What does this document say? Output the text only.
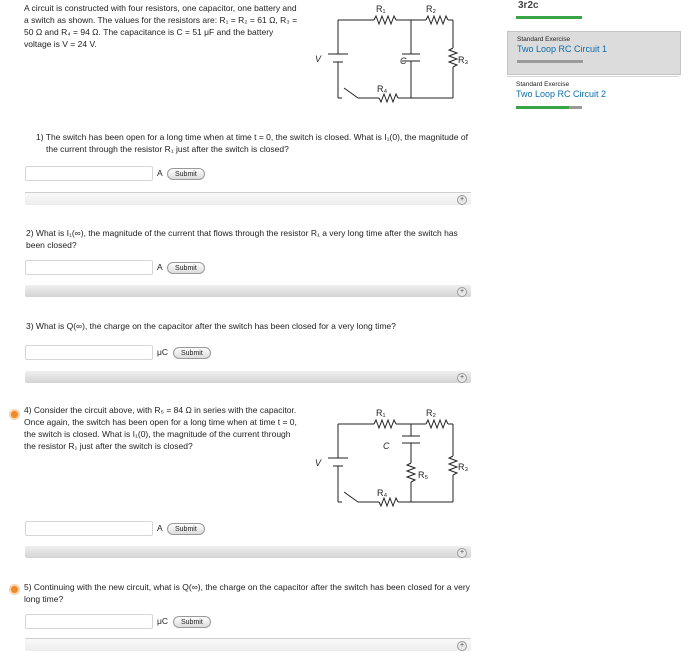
A circuit is constructed with four resistors, one capacitor, one battery and a switch as shown. The values for the resistors are: R₁ = R₂ = 61 Ω, R₃ = 50 Ω and R₄ = 94 Ω. The capacitance is C = 51 μF and the battery voltage is V = 24 V.
R₁	R₂
R₃
R₄
C
V
1) The switch has been open for a long time when at time t = 0, the switch is closed. What is I₁(0), the magnitude of the current through the resistor R₁ just after the switch is closed?
A	Submit
+
2) What is I₁(∞), the magnitude of the current that flows through the resistor R₁ a very long time after the switch has been closed?
A	Submit
+
3) What is Q(∞), the charge on the capacitor after the switch has been closed for a very long time?
μC	Submit
+
4) Consider the circuit above, with R₅ = 84 Ω in series with the capacitor. Once again, the switch has been open for a long time when at time t = 0, the switch is closed. What is I₁(0), the magnitude of the current through the resistor R₁ just after the switch is closed?
R₁	R₂
R₃
R₄
R₅
C
V
A	Submit
+
5) Continuing with the new circuit, what is Q(∞), the charge on the capacitor after the switch has been closed for a very long time?
μC	Submit
+
3r2c
Standard Exercise
Two Loop RC Circuit 1
Standard Exercise
Two Loop RC Circuit 2
